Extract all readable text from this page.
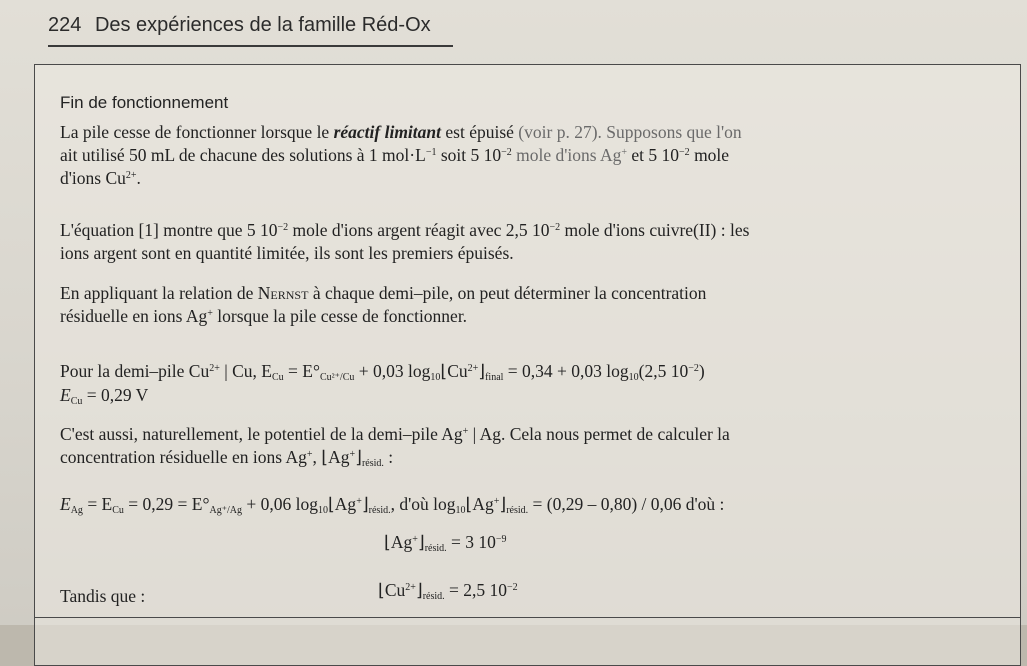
224 Des expériences de la famille Réd-Ox
Fin de fonctionnement
La pile cesse de fonctionner lorsque le réactif limitant est épuisé (voir p. 27). Supposons que l'on
ait utilisé 50 mL de chacune des solutions à 1 $mol\cdot L^{-1}$ soit 5 $10^{-2}$ mole d'ions Ag+ et 5 $10^{-2}$ mole
d'ions $Cu^{2+}$.
L'équation [1] montre que 5 $10^{-2}$ mole d'ions argent réagit avec 2,5 $10^{-2}$ mole d'ions cuivre(II) : les
ions argent sont en quantité limitée, ils sont les premiers épuisés.
En appliquant la relation de Nernst à chaque demi–pile, on peut déterminer la concentration
résiduelle en ions Ag+ lorsque la pile cesse de fonctionner.
Pour la demi–pile $Cu^{2+}$ | Cu, $E_{Cu} = E^\circ_{Cu^{2+}/Cu} + 0,03$ $\log_{10}⌊Cu^{2+}⌋_{final} = 0,34 + 0,03$ $\log_{10}(2,5$ $10^{-2}$)
$E_{Cu} = 0,29$ V
C'est aussi, naturellement, le potentiel de la demi–pile Ag+ | Ag. Cela nous permet de calculer la
concentration résiduelle en ions Ag+, $⌊Ag^+⌋_{résid.}$ :
$E_{Ag} = E_{Cu} = 0,29 = E^\circ_{Ag^+/Ag} + 0,06$ $\log_{10}⌊Ag^+⌋_{résid.}$, d'où $\log_{10}⌊Ag^+⌋_{résid.} = (0,29 - 0,80) / 0,06$ d'où :
$⌊Ag^+⌋_{résid.} = 3$ $10^{-9}$
Tandis que :	$⌊Cu^{2+}⌋_{résid.} = 2,5$ $10^{-2}$
